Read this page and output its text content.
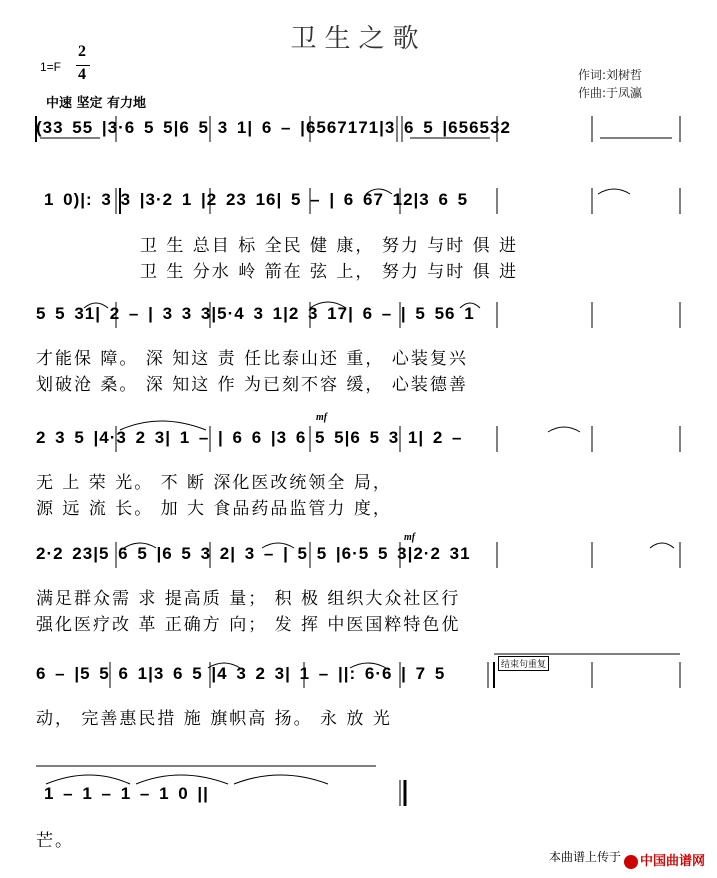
卫生之歌
1=F
2
4
中速 坚定 有力地
作词:刘树哲
作曲:于凤瀛
(33 55 |3·6 5 5|6 5 3 1| 6 – |6567171|3 6 5 |656532
1 0)|: 3 3 |3·2 1 |2 23 16| 5 – | 6 67 12|3 6 5
卫 生 总目 标 全民 健 康， 努力 与时 俱 进
卫 生 分水 岭 箭在 弦 上， 努力 与时 俱 进
5 5 31| 2 – | 3 3 3|5·4 3 1|2 3 17| 6 – | 5 56 1
才能保 障。 深 知这 责 任比泰山还 重， 心装复兴
划破沧 桑。 深 知这 作 为已刻不容 缓， 心装德善
mf
2 3 5 |4·3 2 3| 1 – | 6 6 |3 6 5 5|6 5 3 1| 2 –
无 上 荣 光。 不 断 深化医改统领全 局，
源 远 流 长。 加 大 食品药品监管力 度，
mf
2·2 23|5 6 5 |6 5 3 2| 3 – | 5 5 |6·5 5 3|2·2 31
满足群众需 求 提高质 量； 积 极 组织大众社区行
强化医疗改 革 正确方 向； 发 挥 中医国粹特色优
结束句重复
6 – |5 5 6 1|3 6 5 |4 3 2 3| 1 – ||: 6·6 | 7 5
动， 完善惠民措 施 旗帜高 扬。 永 放 光
1 – 1 – 1 – 1 0 ||
芒。
本曲谱上传于	中国曲谱网
